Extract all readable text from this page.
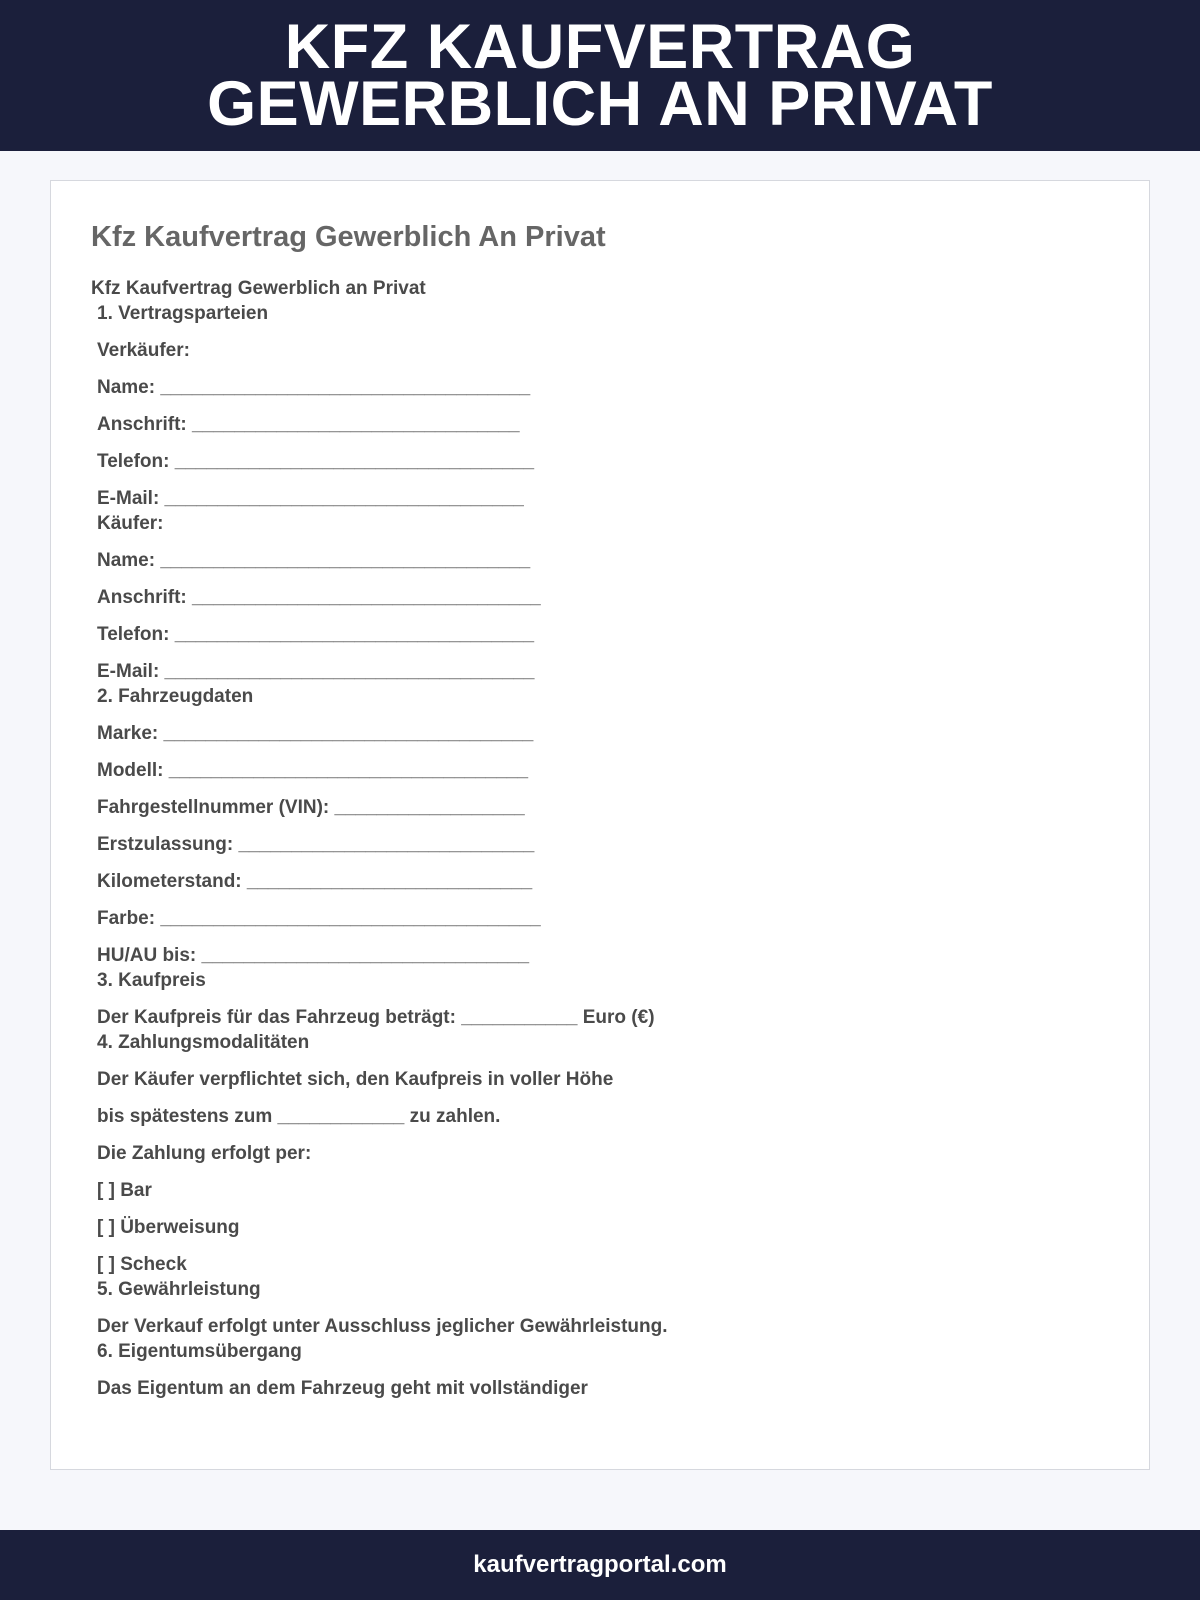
KFZ KAUFVERTRAG
GEWERBLICH AN PRIVAT
Kfz Kaufvertrag Gewerblich An Privat

Kfz Kaufvertrag Gewerblich an Privat

1. Vertragsparteien

Verkäufer:

Name: ___________________________________

Anschrift: _______________________________

Telefon: __________________________________

E-Mail: __________________________________

Käufer:

Name: ___________________________________

Anschrift: _________________________________

Telefon: __________________________________

E-Mail: ___________________________________

2. Fahrzeugdaten

Marke: ___________________________________

Modell: __________________________________

Fahrgestellnummer (VIN): __________________

Erstzulassung: ____________________________

Kilometerstand: ___________________________

Farbe: ____________________________________

HU/AU bis: _______________________________

3. Kaufpreis

Der Kaufpreis für das Fahrzeug beträgt: ___________ Euro (€)

4. Zahlungsmodalitäten

Der Käufer verpflichtet sich, den Kaufpreis in voller Höhe

bis spätestens zum ____________ zu zahlen.

Die Zahlung erfolgt per:

[ ] Bar

[ ] Überweisung

[ ] Scheck

5. Gewährleistung

Der Verkauf erfolgt unter Ausschluss jeglicher Gewährleistung.

6. Eigentumsübergang

Das Eigentum an dem Fahrzeug geht mit vollständiger

kaufvertragportal.com
